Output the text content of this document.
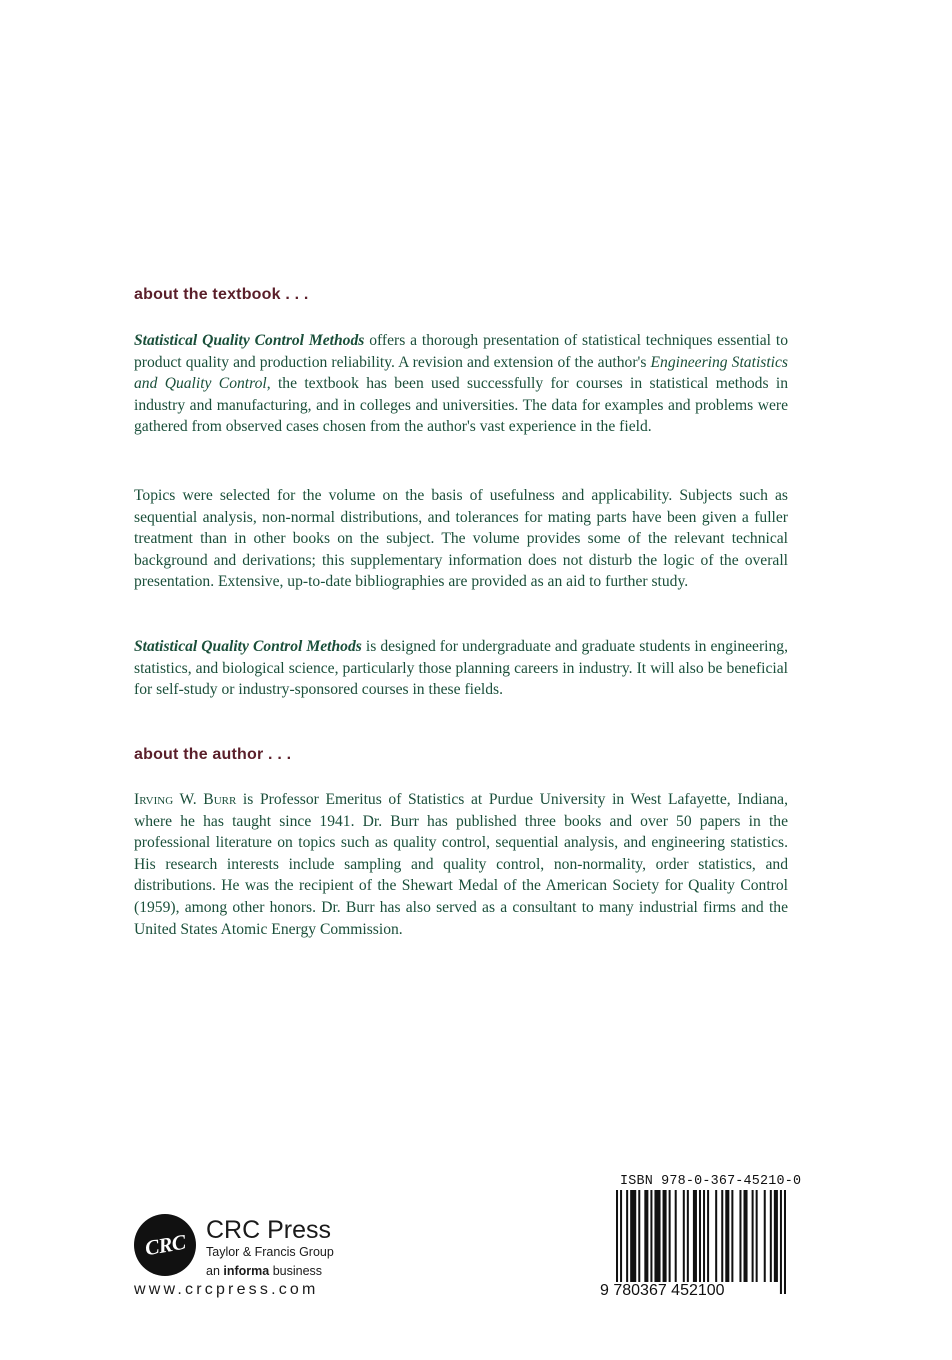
about the textbook . . .

Statistical Quality Control Methods offers a thorough presentation of statistical techniques essential to product quality and production reliability. A revision and extension of the author's Engineering Statistics and Quality Control, the textbook has been used successfully for courses in statistical methods in industry and manufacturing, and in colleges and universities. The data for examples and problems were gathered from observed cases chosen from the author's vast experience in the field.

Topics were selected for the volume on the basis of usefulness and applicability. Subjects such as sequential analysis, non-normal distributions, and tolerances for mating parts have been given a fuller treatment than in other books on the subject. The volume provides some of the relevant technical background and derivations; this supplementary information does not disturb the logic of the overall presentation. Extensive, up-to-date bibliographies are provided as an aid to further study.

Statistical Quality Control Methods is designed for undergraduate and graduate students in engineering, statistics, and biological science, particularly those planning careers in industry. It will also be beneficial for self-study or industry-sponsored courses in these fields.

about the author . . .

Irving W. Burr is Professor Emeritus of Statistics at Purdue University in West Lafayette, Indiana, where he has taught since 1941. Dr. Burr has published three books and over 50 papers in the professional literature on topics such as quality control, sequential analysis, and engineering statistics. His research interests include sampling and quality control, non-normality, order statistics, and distributions. He was the recipient of the Shewart Medal of the American Society for Quality Control (1959), among other honors. Dr. Burr has also served as a consultant to many industrial firms and the United States Atomic Energy Commission.

CRC CRC Press
Taylor & Francis Group
an informa business
www.crcpress.com
ISBN 978-0-367-45210-0
9 780367 452100
